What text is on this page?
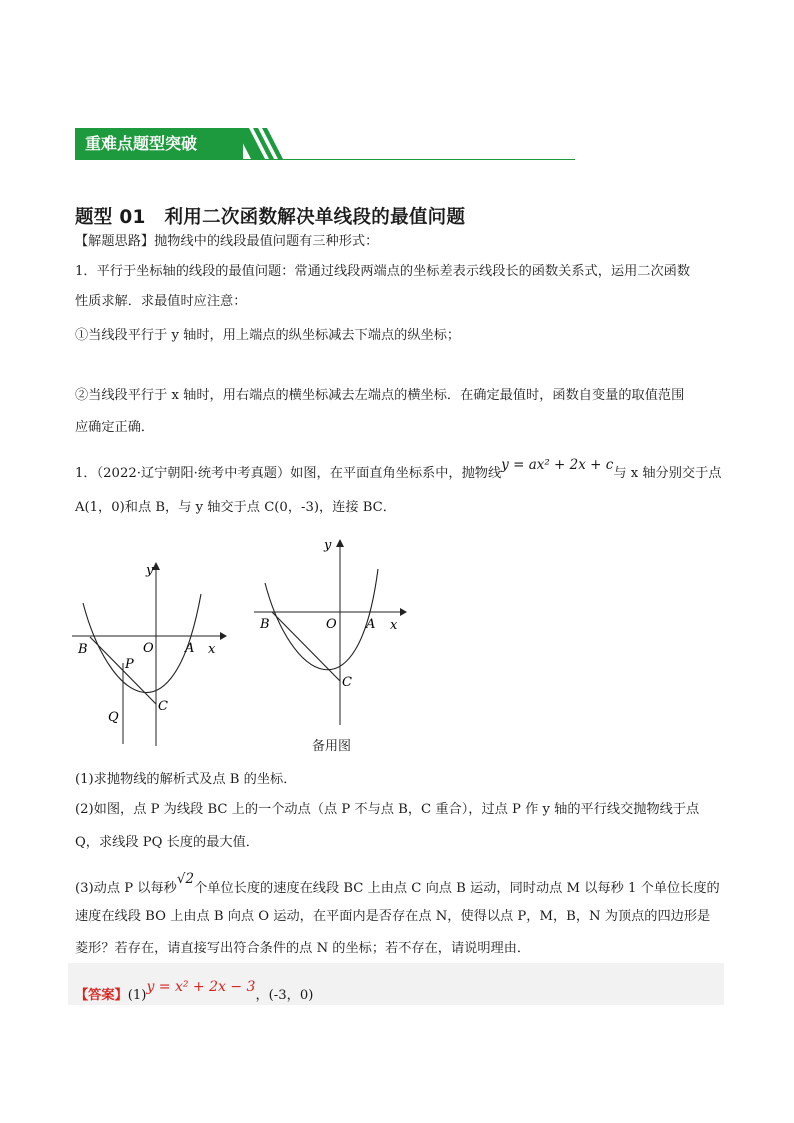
重难点题型突破
题型 01　利用二次函数解决单线段的最值问题
【解题思路】抛物线中的线段最值问题有三种形式：
1．平行于坐标轴的线段的最值问题：常通过线段两端点的坐标差表示线段长的函数关系式，运用二次函数
性质求解．求最值时应注意：
①当线段平行于 y 轴时，用上端点的纵坐标减去下端点的纵坐标；
②当线段平行于 x 轴时，用右端点的横坐标减去左端点的横坐标．在确定最值时，函数自变量的取值范围
应确定正确．
1．（2022·辽宁朝阳·统考中考真题）如图，在平面直角坐标系中，抛物线y = ax² + 2x + c与 x 轴分别交于点
A(1，0)和点 B，与 y 轴交于点 C(0，-3)，连接 BC．
y
x
O A
B
P
Q
C
y
x
O A
B
C
备用图
(1)求抛物线的解析式及点 B 的坐标．
(2)如图，点 P 为线段 BC 上的一个动点（点 P 不与点 B，C 重合），过点 P 作 y 轴的平行线交抛物线于点
Q，求线段 PQ 长度的最大值．
(3)动点 P 以每秒√2个单位长度的速度在线段 BC 上由点 C 向点 B 运动，同时动点 M 以每秒 1 个单位长度的
速度在线段 BO 上由点 B 向点 O 运动，在平面内是否存在点 N，使得以点 P，M，B，N 为顶点的四边形是
菱形？若存在，请直接写出符合条件的点 N 的坐标；若不存在，请说明理由．
【答案】(1)y = x² + 2x − 3，(-3，0)
